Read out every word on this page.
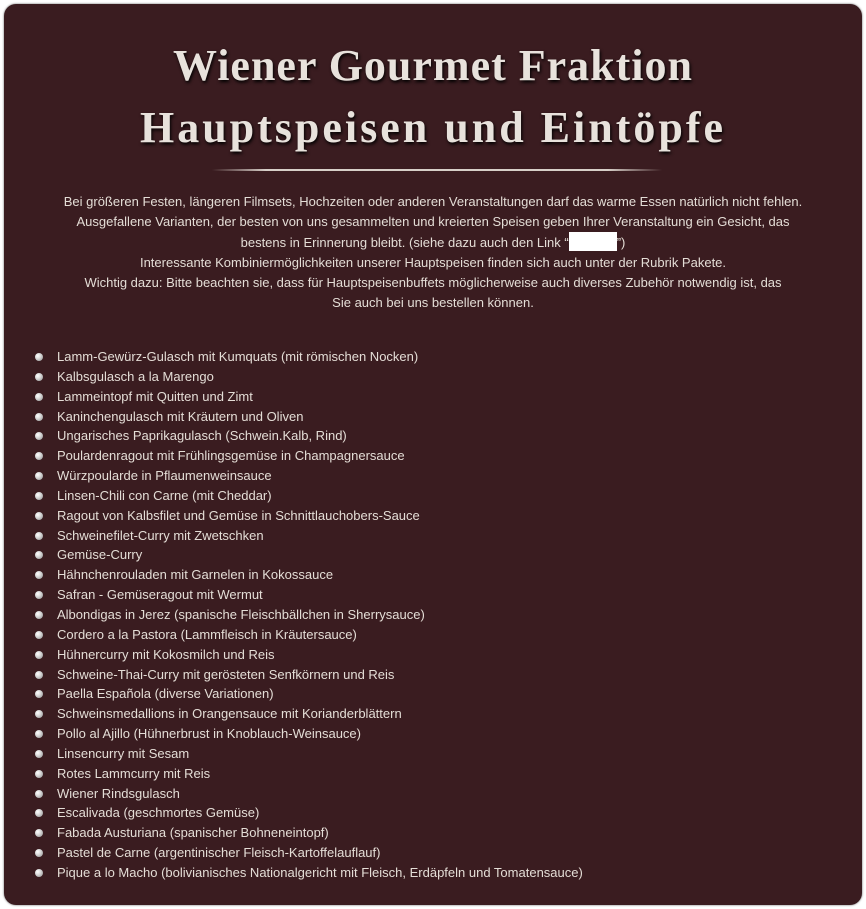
Wiener Gourmet Fraktion
Hauptspeisen und Eintöpfe

Bei größeren Festen, längeren Filmsets, Hochzeiten oder anderen Veranstaltungen darf das warme Essen natürlich nicht fehlen.

Ausgefallene Varianten, der besten von uns gesammelten und kreierten Speisen geben Ihrer Veranstaltung ein Gesicht, das

bestens in Erinnerung bleibt. (siehe dazu auch den Link “	”)

Interessante Kombiniermöglichkeiten unserer Hauptspeisen finden sich auch unter der Rubrik Pakete.

Wichtig dazu: Bitte beachten sie, dass für Hauptspeisenbuffets möglicherweise auch diverses Zubehör notwendig ist, das

Sie auch bei uns bestellen können.

Lamm-Gewürz-Gulasch mit Kumquats (mit römischen Nocken)
Kalbsgulasch a la Marengo
Lammeintopf mit Quitten und Zimt
Kaninchengulasch mit Kräutern und Oliven
Ungarisches Paprikagulasch (Schwein.Kalb, Rind)
Poulardenragout mit Frühlingsgemüse in Champagnersauce
Würzpoularde in Pflaumenweinsauce
Linsen-Chili con Carne (mit Cheddar)
Ragout von Kalbsfilet und Gemüse in Schnittlauchobers-Sauce
Schweinefilet-Curry mit Zwetschken
Gemüse-Curry
Hähnchenrouladen mit Garnelen in Kokossauce
Safran - Gemüseragout mit Wermut
Albondigas in Jerez (spanische Fleischbällchen in Sherrysauce)
Cordero a la Pastora (Lammfleisch in Kräutersauce)
Hühnercurry mit Kokosmilch und Reis
Schweine-Thai-Curry mit gerösteten Senfkörnern und Reis
Paella Española (diverse Variationen)
Schweinsmedallions in Orangensauce mit Korianderblättern
Pollo al Ajillo (Hühnerbrust in Knoblauch-Weinsauce)
Linsencurry mit Sesam
Rotes Lammcurry mit Reis
Wiener Rindsgulasch
Escalivada (geschmortes Gemüse)
Fabada Austuriana (spanischer Bohneneintopf)
Pastel de Carne (argentinischer Fleisch-Kartoffelauflauf)
Pique a lo Macho (bolivianisches Nationalgericht mit Fleisch, Erdäpfeln und Tomatensauce)
